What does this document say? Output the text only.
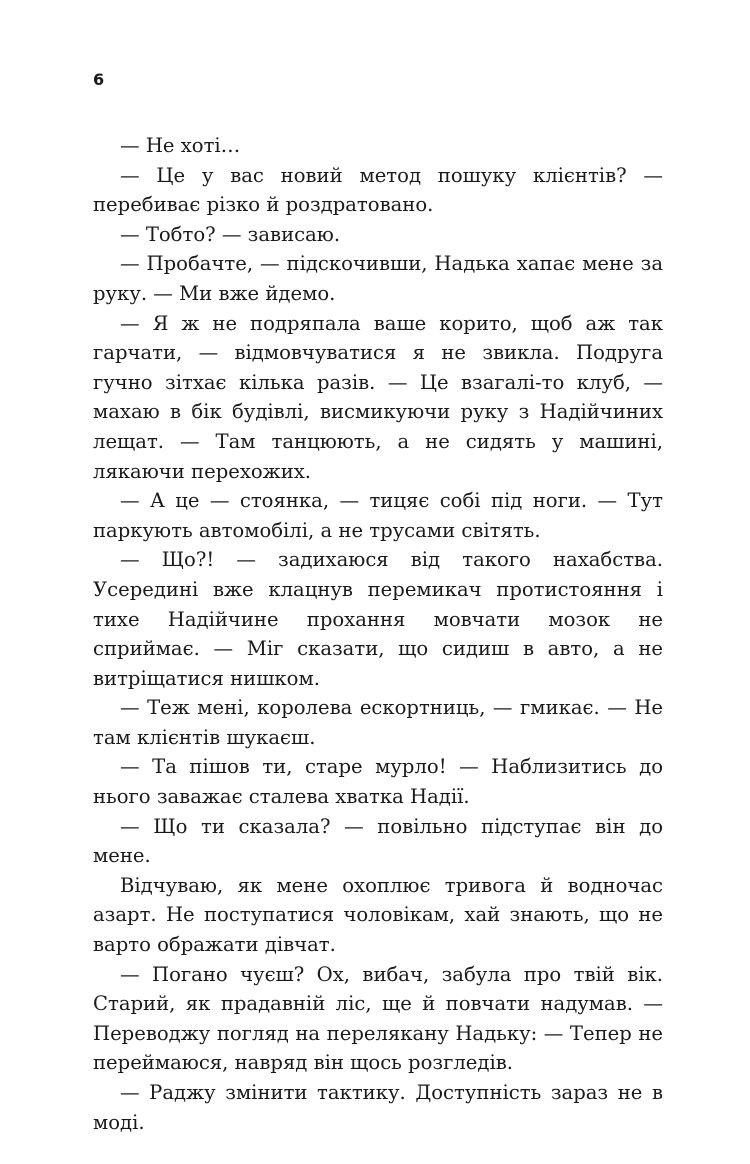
6

— Не хоті…

— Це у вас новий метод пошуку клієнтів? — перебиває різко й роздратовано.

— Тобто? — зависаю.

— Пробачте, — підскочивши, Надька хапає мене за руку. — Ми вже йдемо.

— Я ж не подряпала ваше корито, щоб аж так гарчати, — відмовчуватися я не звикла. Подруга гучно зітхає кілька разів. — Це взагалі-то клуб, — махаю в бік будівлі, висмикуючи руку з Надійчиних лещат. — Там танцюють, а не сидять у машині, лякаючи перехожих.

— А це — стоянка, — тицяє собі під ноги. — Тут паркують автомобілі, а не трусами світять.

— Що?! — задихаюся від такого нахабства. Усередині вже клацнув перемикач протистояння і тихе Надійчине прохання мовчати мозок не сприймає. — Міг сказати, що сидиш в авто, а не витріщатися нишком.

— Теж мені, королева ескортниць, — гмикає. — Не там клієнтів шукаєш.

— Та пішов ти, старе мурло! — Наблизитись до нього заважає сталева хватка Надії.

— Що ти сказала? — повільно підступає він до мене.

Відчуваю, як мене охоплює тривога й водночас азарт. Не поступатися чоловікам, хай знають, що не варто ображати дівчат.

— Погано чуєш? Ох, вибач, забула про твій вік. Старий, як прадавній ліс, ще й повчати надумав. — Переводжу погляд на перелякану Надьку: — Тепер не переймаюся, навряд він щось розгледів.

— Раджу змінити тактику. Доступність зараз не в моді.
